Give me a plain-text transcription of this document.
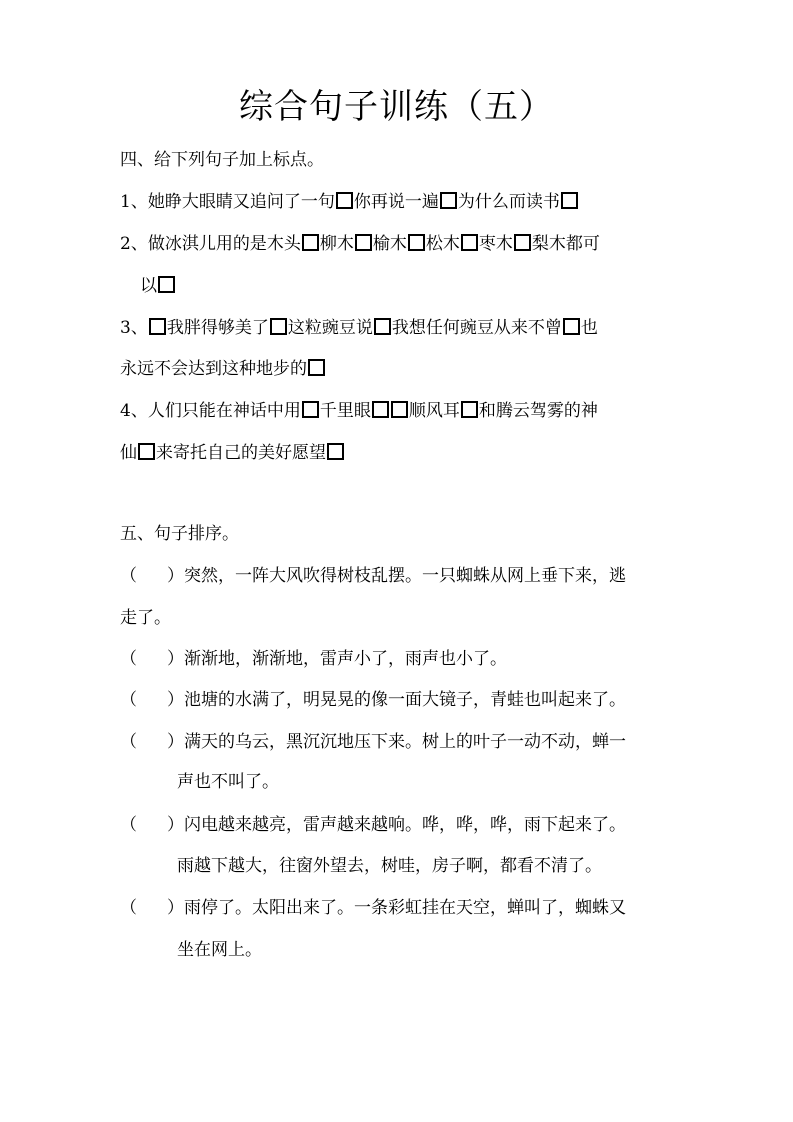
综合句子训练（五）
四、给下列句子加上标点。
1、她睁大眼睛又追问了一句 你再说一遍 为什么而读书
2、做冰淇儿用的是木头 柳木 榆木 松木 枣木 梨木都可
以
3、 我胖得够美了 这粒豌豆说 我想任何豌豆从来不曾 也
永远不会达到这种地步的
4、人们只能在神话中用 千里眼 顺风耳 和腾云驾雾的神
仙 来寄托自己的美好愿望
五、句子排序。
（ ）突然，一阵大风吹得树枝乱摆。一只蜘蛛从网上垂下来，逃
走了。
（ ）渐渐地，渐渐地，雷声小了，雨声也小了。
（ ）池塘的水满了，明晃晃的像一面大镜子，青蛙也叫起来了。
（ ）满天的乌云，黑沉沉地压下来。树上的叶子一动不动，蝉一
声也不叫了。
（ ）闪电越来越亮，雷声越来越响。哗，哗，哗，雨下起来了。
雨越下越大，往窗外望去，树哇，房子啊，都看不清了。
（ ）雨停了。太阳出来了。一条彩虹挂在天空，蝉叫了，蜘蛛又
坐在网上。
